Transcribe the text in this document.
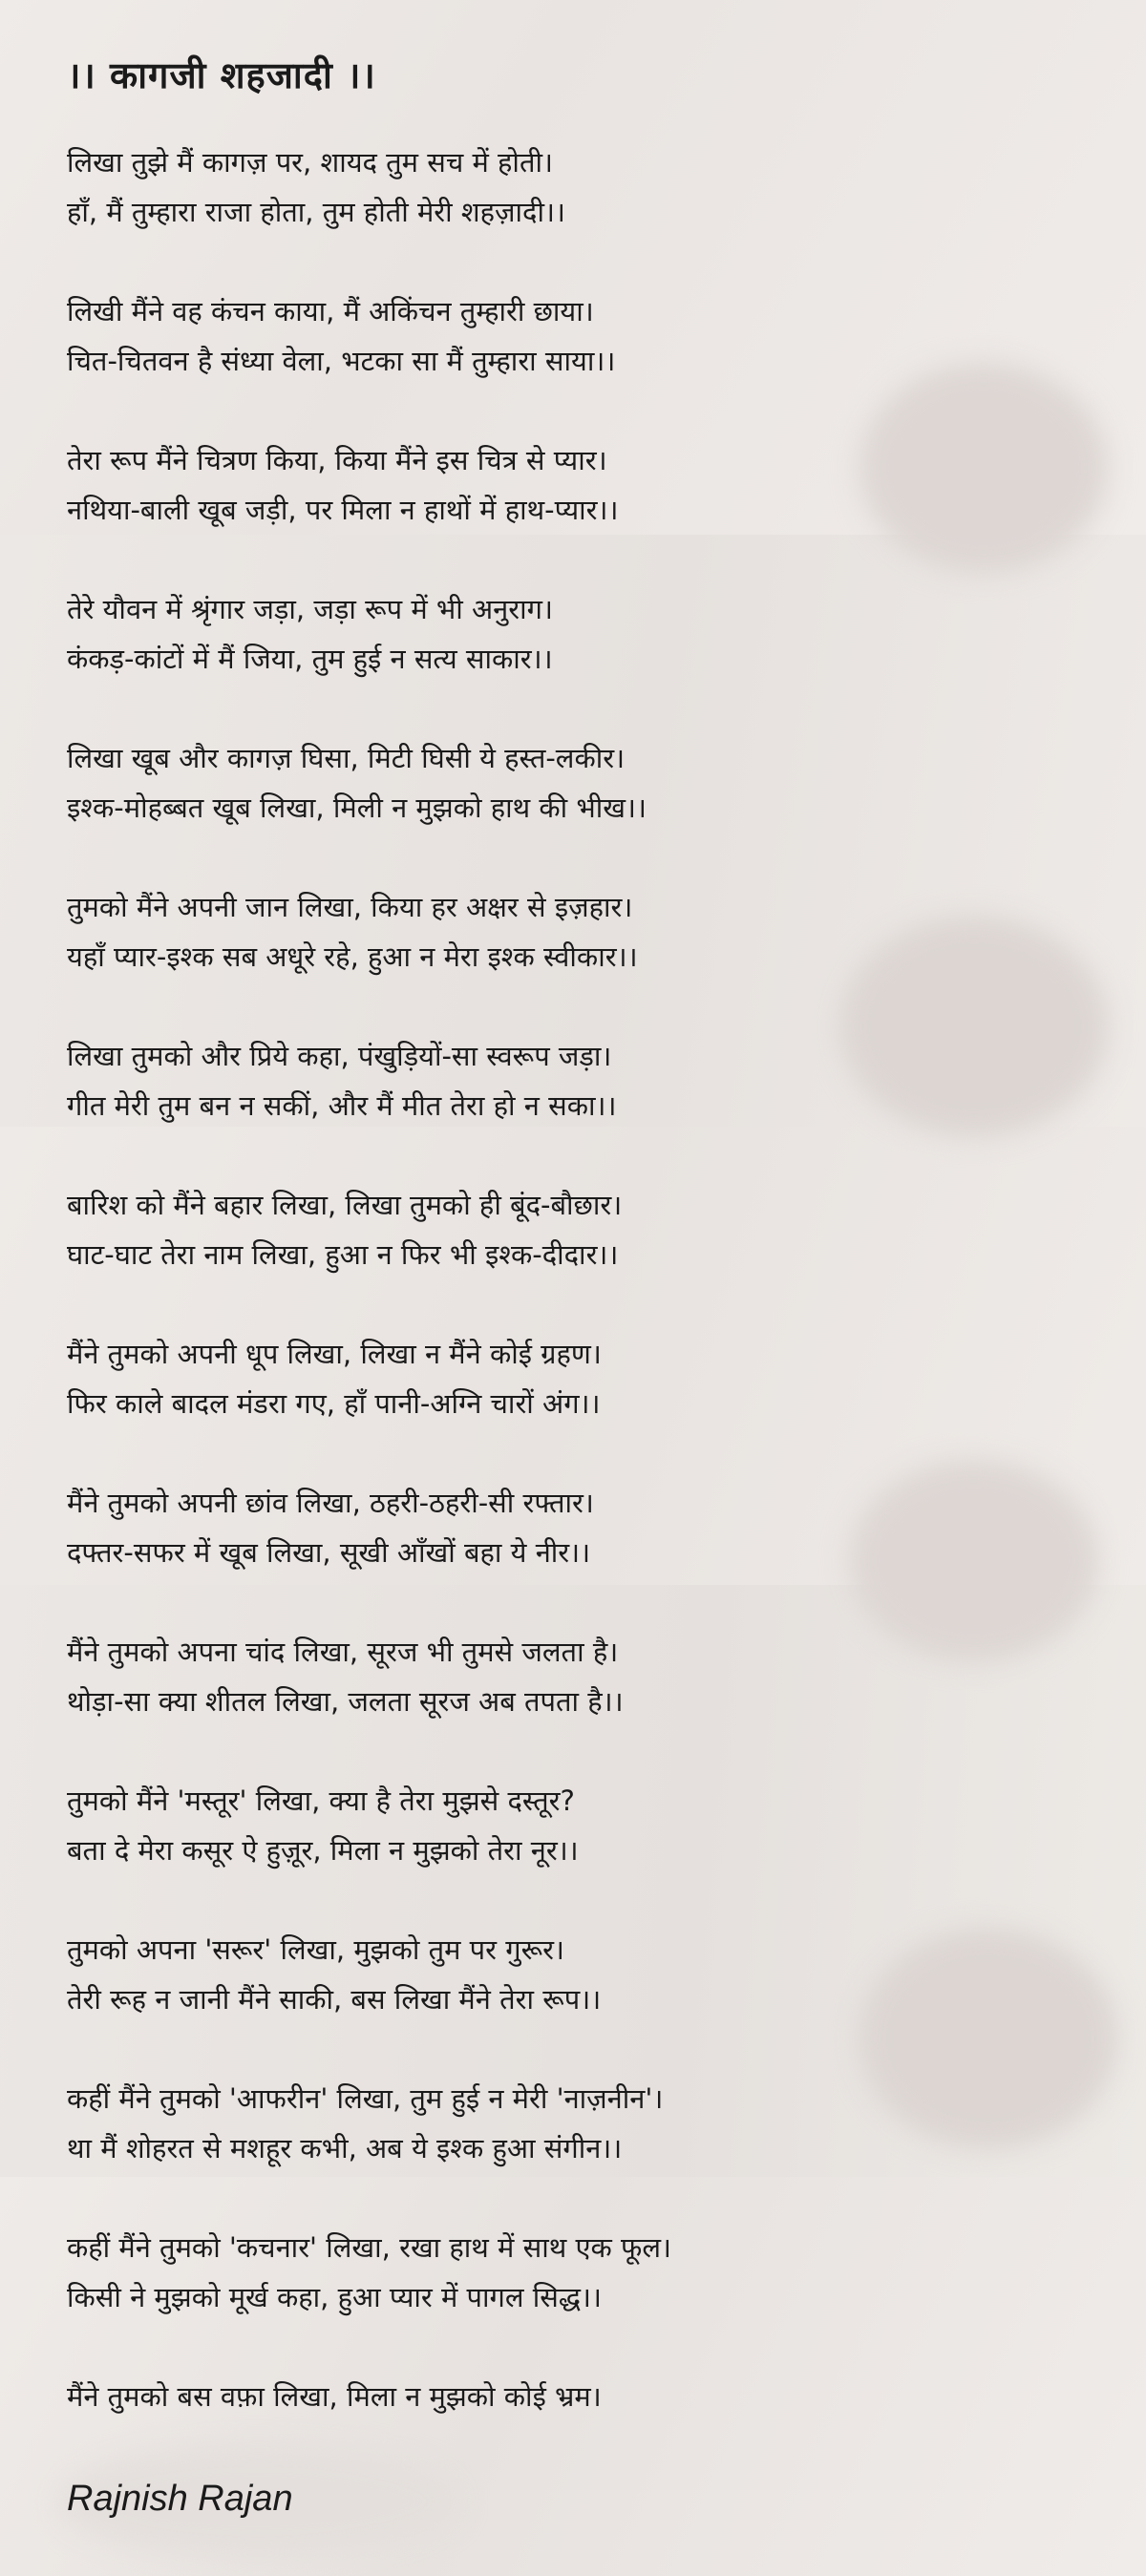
।। कागजी शहजादी ।।
लिखा तुझे मैं कागज़ पर, शायद तुम सच में होती।
हाँ, मैं तुम्हारा राजा होता, तुम होती मेरी शहज़ादी।।
लिखी मैंने वह कंचन काया, मैं अकिंचन तुम्हारी छाया।
चित-चितवन है संध्या वेला, भटका सा मैं तुम्हारा साया।।
तेरा रूप मैंने चित्रण किया, किया मैंने इस चित्र से प्यार।
नथिया-बाली खूब जड़ी, पर मिला न हाथों में हाथ-प्यार।।
तेरे यौवन में श्रृंगार जड़ा, जड़ा रूप में भी अनुराग।
कंकड़-कांटों में मैं जिया, तुम हुई न सत्य साकार।।
लिखा खूब और कागज़ घिसा, मिटी घिसी ये हस्त-लकीर।
इश्क-मोहब्बत खूब लिखा, मिली न मुझको हाथ की भीख।।
तुमको मैंने अपनी जान लिखा, किया हर अक्षर से इज़हार।
यहाँ प्यार-इश्क सब अधूरे रहे, हुआ न मेरा इश्क स्वीकार।।
लिखा तुमको और प्रिये कहा, पंखुड़ियों-सा स्वरूप जड़ा।
गीत मेरी तुम बन न सकीं, और मैं मीत तेरा हो न सका।।
बारिश को मैंने बहार लिखा, लिखा तुमको ही बूंद-बौछार।
घाट-घाट तेरा नाम लिखा, हुआ न फिर भी इश्क-दीदार।।
मैंने तुमको अपनी धूप लिखा, लिखा न मैंने कोई ग्रहण।
फिर काले बादल मंडरा गए, हाँ पानी-अग्नि चारों अंग।।
मैंने तुमको अपनी छांव लिखा, ठहरी-ठहरी-सी रफ्तार।
दफ्तर-सफर में खूब लिखा, सूखी आँखों बहा ये नीर।।
मैंने तुमको अपना चांद लिखा, सूरज भी तुमसे जलता है।
थोड़ा-सा क्या शीतल लिखा, जलता सूरज अब तपता है।।
तुमको मैंने 'मस्तूर' लिखा, क्या है तेरा मुझसे दस्तूर?
बता दे मेरा कसूर ऐ हुज़ूर, मिला न मुझको तेरा नूर।।
तुमको अपना 'सरूर' लिखा, मुझको तुम पर गुरूर।
तेरी रूह न जानी मैंने साकी, बस लिखा मैंने तेरा रूप।।
कहीं मैंने तुमको 'आफरीन' लिखा, तुम हुई न मेरी 'नाज़नीन'।
था मैं शोहरत से मशहूर कभी, अब ये इश्क हुआ संगीन।।
कहीं मैंने तुमको 'कचनार' लिखा, रखा हाथ में साथ एक फूल।
किसी ने मुझको मूर्ख कहा, हुआ प्यार में पागल सिद्ध।।
मैंने तुमको बस वफ़ा लिखा, मिला न मुझको कोई भ्रम।
Rajnish Rajan
